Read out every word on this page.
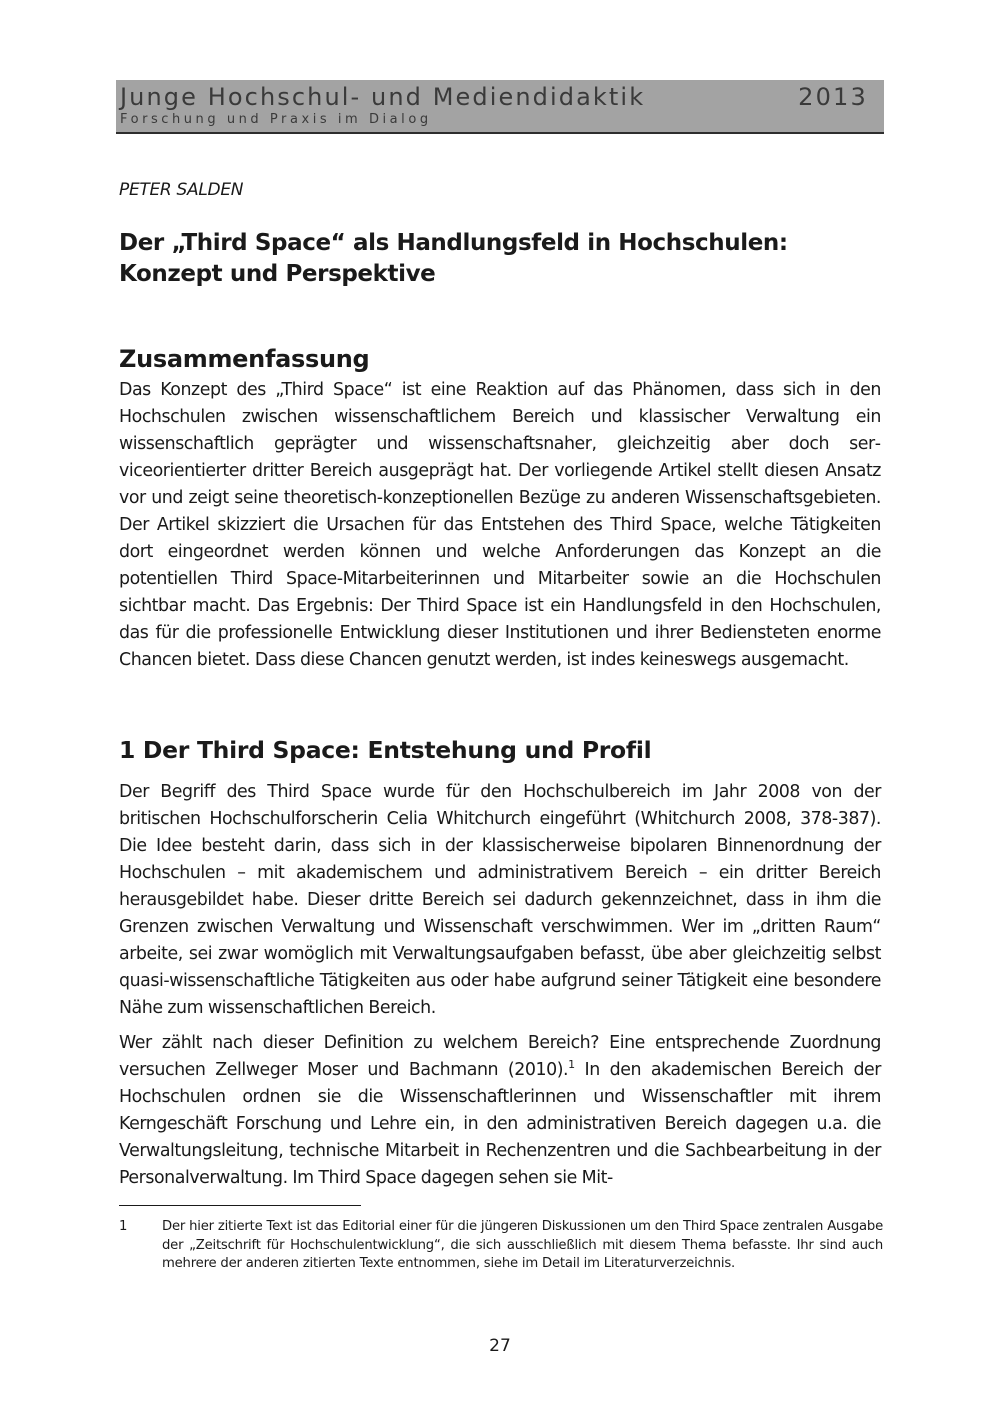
Junge Hochschul- und Mediendidaktik	2013
Forschung und Praxis im Dialog
PETER SALDEN
Der „Third Space“ als Handlungsfeld in Hochschulen:
Konzept und Perspektive
Zusammenfassung

Das Konzept des „Third Space“ ist eine Reaktion auf das Phänomen, dass sich in den Hochschulen zwischen wissenschaftlichem Bereich und klassischer Verwaltung ein wissenschaftlich geprägter und wissenschaftsnaher, gleichzeitig aber doch serviceorientierter dritter Bereich ausgeprägt hat. Der vorliegende Artikel stellt diesen Ansatz vor und zeigt seine theoretisch-konzeptionellen Bezüge zu anderen Wissenschaftsgebieten. Der Artikel skizziert die Ursachen für das Entstehen des Third Space, welche Tätigkeiten dort eingeordnet werden können und welche Anforderungen das Konzept an die potentiellen Third Space-Mitarbeiterinnen und Mitarbeiter sowie an die Hochschulen sichtbar macht. Das Ergebnis: Der Third Space ist ein Handlungsfeld in den Hochschulen, das für die professionelle Entwicklung dieser Institutionen und ihrer Bediensteten enorme Chancen bietet. Dass diese Chancen genutzt werden, ist indes keineswegs ausgemacht.

1 Der Third Space: Entstehung und Profil

Der Begriff des Third Space wurde für den Hochschulbereich im Jahr 2008 von der britischen Hochschulforscherin Celia Whitchurch eingeführt (Whitchurch 2008, 378-387). Die Idee besteht darin, dass sich in der klassischerweise bipolaren Binnenordnung der Hochschulen – mit akademischem und administrativem Bereich – ein dritter Bereich herausgebildet habe. Dieser dritte Bereich sei dadurch gekennzeichnet, dass in ihm die Grenzen zwischen Verwaltung und Wissenschaft verschwimmen. Wer im „dritten Raum“ arbeite, sei zwar womöglich mit Verwaltungsaufgaben befasst, übe aber gleichzeitig selbst quasi-wissenschaftliche Tätigkeiten aus oder habe aufgrund seiner Tätigkeit eine besondere Nähe zum wissenschaftlichen Bereich.

Wer zählt nach dieser Definition zu welchem Bereich? Eine entsprechende Zuordnung versuchen Zellweger Moser und Bachmann (2010).$^1$ In den akademischen Bereich der Hochschulen ordnen sie die Wissenschaftlerinnen und Wissenschaftler mit ihrem Kerngeschäft Forschung und Lehre ein, in den administrativen Bereich dagegen u.a. die Verwaltungsleitung, technische Mitarbeit in Rechenzentren und die Sachbearbeitung in der Personalverwaltung. Im Third Space dagegen sehen sie Mit-

1	Der hier zitierte Text ist das Editorial einer für die jüngeren Diskussionen um den Third Space zentralen Ausgabe der „Zeitschrift für Hochschulentwicklung“, die sich ausschließlich mit diesem Thema befasste. Ihr sind auch mehrere der anderen zitierten Texte entnommen, siehe im Detail im Literaturverzeichnis.
27
